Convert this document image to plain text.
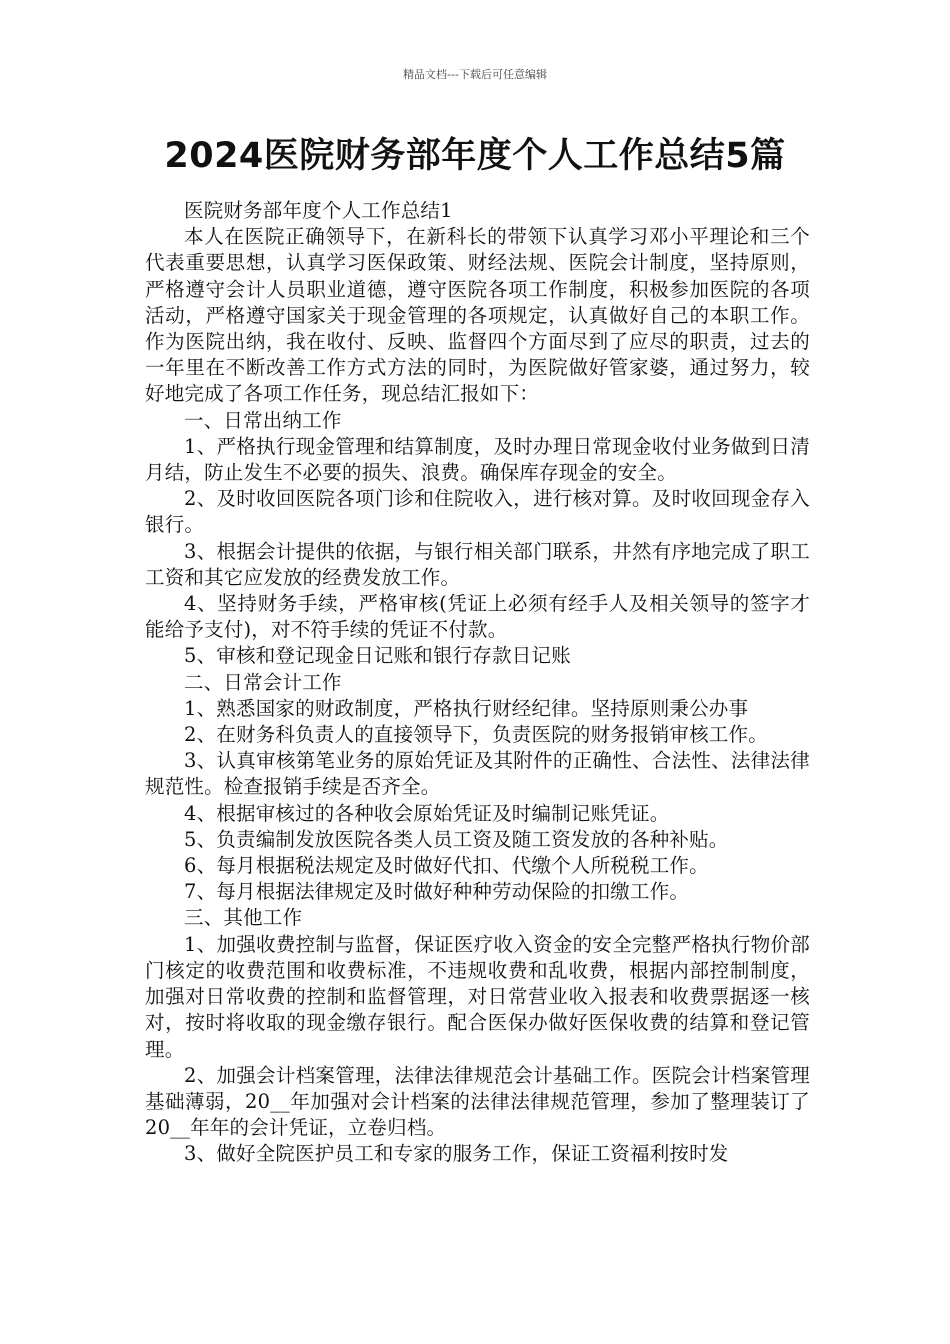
精品文档---下载后可任意编辑
2024医院财务部年度个人工作总结5篇

医院财务部年度个人工作总结1

本人在医院正确领导下，在新科长的带领下认真学习邓小平理论和三个代表重要思想，认真学习医保政策、财经法规、医院会计制度，坚持原则，严格遵守会计人员职业道德，遵守医院各项工作制度，积极参加医院的各项活动，严格遵守国家关于现金管理的各项规定，认真做好自己的本职工作。作为医院出纳，我在收付、反映、监督四个方面尽到了应尽的职责，过去的一年里在不断改善工作方式方法的同时，为医院做好管家婆，通过努力，较好地完成了各项工作任务，现总结汇报如下：

一、日常出纳工作

1、严格执行现金管理和结算制度，及时办理日常现金收付业务做到日清月结，防止发生不必要的损失、浪费。确保库存现金的安全。

2、及时收回医院各项门诊和住院收入，进行核对算。及时收回现金存入银行。

3、根据会计提供的依据，与银行相关部门联系，井然有序地完成了职工工资和其它应发放的经费发放工作。

4、坚持财务手续，严格审核(凭证上必须有经手人及相关领导的签字才能给予支付)，对不符手续的凭证不付款。

5、审核和登记现金日记账和银行存款日记账

二、日常会计工作

1、熟悉国家的财政制度，严格执行财经纪律。坚持原则秉公办事

2、在财务科负责人的直接领导下，负责医院的财务报销审核工作。

3、认真审核第笔业务的原始凭证及其附件的正确性、合法性、法律法律规范性。检查报销手续是否齐全。

4、根据审核过的各种收会原始凭证及时编制记账凭证。

5、负责编制发放医院各类人员工资及随工资发放的各种补贴。

6、每月根据税法规定及时做好代扣、代缴个人所税税工作。

7、每月根据法律规定及时做好种种劳动保险的扣缴工作。

三、其他工作

1、加强收费控制与监督，保证医疗收入资金的安全完整严格执行物价部门核定的收费范围和收费标准，不违规收费和乱收费，根据内部控制制度，加强对日常收费的控制和监督管理，对日常营业收入报表和收费票据逐一核对，按时将收取的现金缴存银行。配合医保办做好医保收费的结算和登记管理。

2、加强会计档案管理，法律法律规范会计基础工作。医院会计档案管理基础薄弱，20__年加强对会计档案的法律法律规范管理，参加了整理装订了20__年年的会计凭证，立卷归档。

3、做好全院医护员工和专家的服务工作，保证工资福利按时发
